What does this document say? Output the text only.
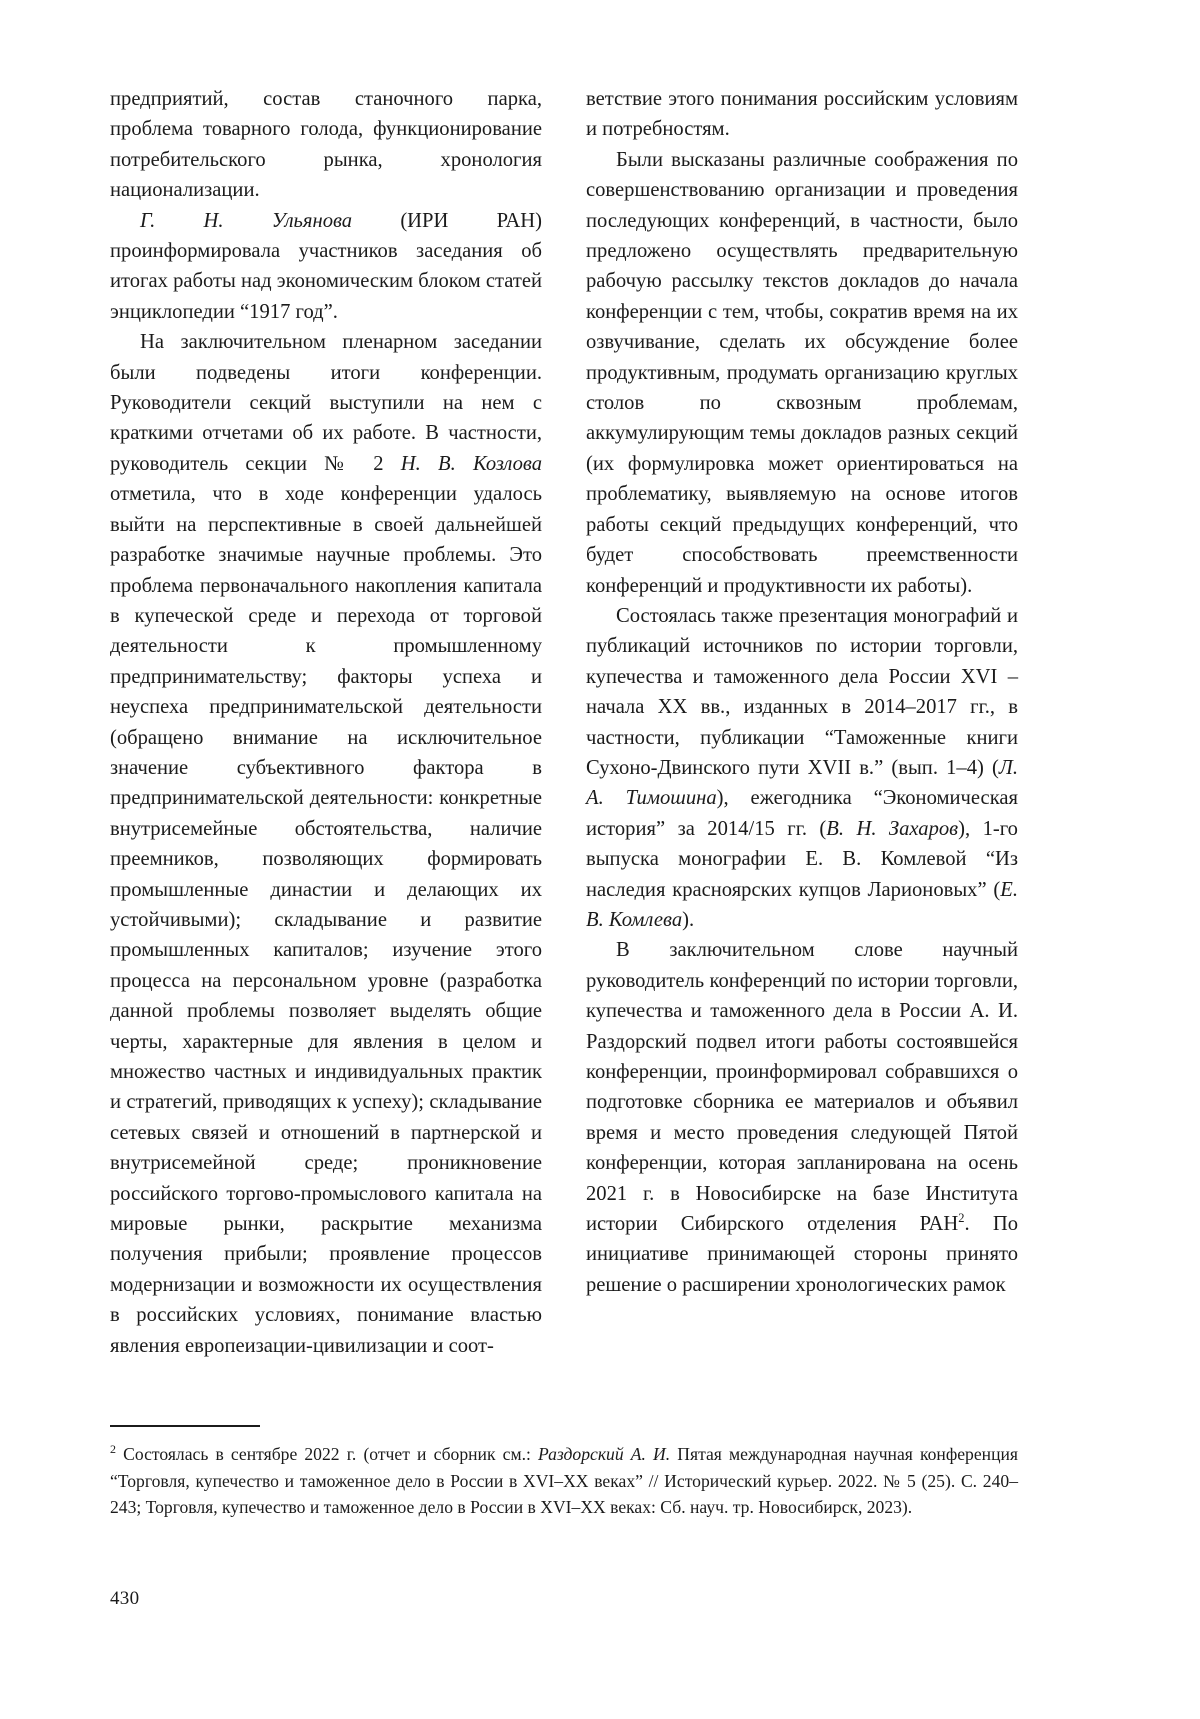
предприятий, состав станочного парка, проблема товарного голода, функционирование потребительского рынка, хронология национализации.

Г. Н. Ульянова (ИРИ РАН) проинформировала участников заседания об итогах работы над экономическим блоком статей энциклопедии “1917 год”.

На заключительном пленарном заседании были подведены итоги конференции. Руководители секций выступили на нем с краткими отчетами об их работе. В частности, руководитель секции № 2 Н. В. Козлова отметила, что в ходе конференции удалось выйти на перспективные в своей дальнейшей разработке значимые научные проблемы. Это проблема первоначального накопления капитала в купеческой среде и перехода от торговой деятельности к промышленному предпринимательству; факторы успеха и неуспеха предпринимательской деятельности (обращено внимание на исключительное значение субъективного фактора в предпринимательской деятельности: конкретные внутрисемейные обстоятельства, наличие преемников, позволяющих формировать промышленные династии и делающих их устойчивыми); складывание и развитие промышленных капиталов; изучение этого процесса на персональном уровне (разработка данной проблемы позволяет выделять общие черты, характерные для явления в целом и множество частных и индивидуальных практик и стратегий, приводящих к успеху); складывание сетевых связей и отношений в партнерской и внутрисемейной среде; проникновение российского торгово-промыслового капитала на мировые рынки, раскрытие механизма получения прибыли; проявление процессов модернизации и возможности их осуществления в российских условиях, понимание властью явления европеизации-цивилизации и соот-

ветствие этого понимания российским условиям и потребностям.

Были высказаны различные соображения по совершенствованию организации и проведения последующих конференций, в частности, было предложено осуществлять предварительную рабочую рассылку текстов докладов до начала конференции с тем, чтобы, сократив время на их озвучивание, сделать их обсуждение более продуктивным, продумать организацию круглых столов по сквозным проблемам, аккумулирующим темы докладов разных секций (их формулировка может ориентироваться на проблематику, выявляемую на основе итогов работы секций предыдущих конференций, что будет способствовать преемственности конференций и продуктивности их работы).

Состоялась также презентация монографий и публикаций источников по истории торговли, купечества и таможенного дела России XVI – начала XX вв., изданных в 2014–2017 гг., в частности, публикации “Таможенные книги Сухоно-Двинского пути XVII в.” (вып. 1–4) (Л. А. Тимошина), ежегодника “Экономическая история” за 2014/15 гг. (В. Н. Захаров), 1-го выпуска монографии Е. В. Комлевой “Из наследия красноярских купцов Ларионовых” (Е. В. Комлева).

В заключительном слове научный руководитель конференций по истории торговли, купечества и таможенного дела в России А. И. Раздорский подвел итоги работы состоявшейся конференции, проинформировал собравшихся о подготовке сборника ее материалов и объявил время и место проведения следующей Пятой конференции, которая запланирована на осень 2021 г. в Новосибирске на базе Института истории Сибирского отделения РАН$^2$. По инициативе принимающей стороны принято решение о расширении хронологических рамок

$^2$ Состоялась в сентябре 2022 г. (отчет и сборник см.: Раздорский А. И. Пятая международная научная конференция “Торговля, купечество и таможенное дело в России в XVI–XX веках” // Исторический курьер. 2022. № 5 (25). С. 240–243; Торговля, купечество и таможенное дело в России в XVI–XX веках: Сб. науч. тр. Новосибирск, 2023).

430
